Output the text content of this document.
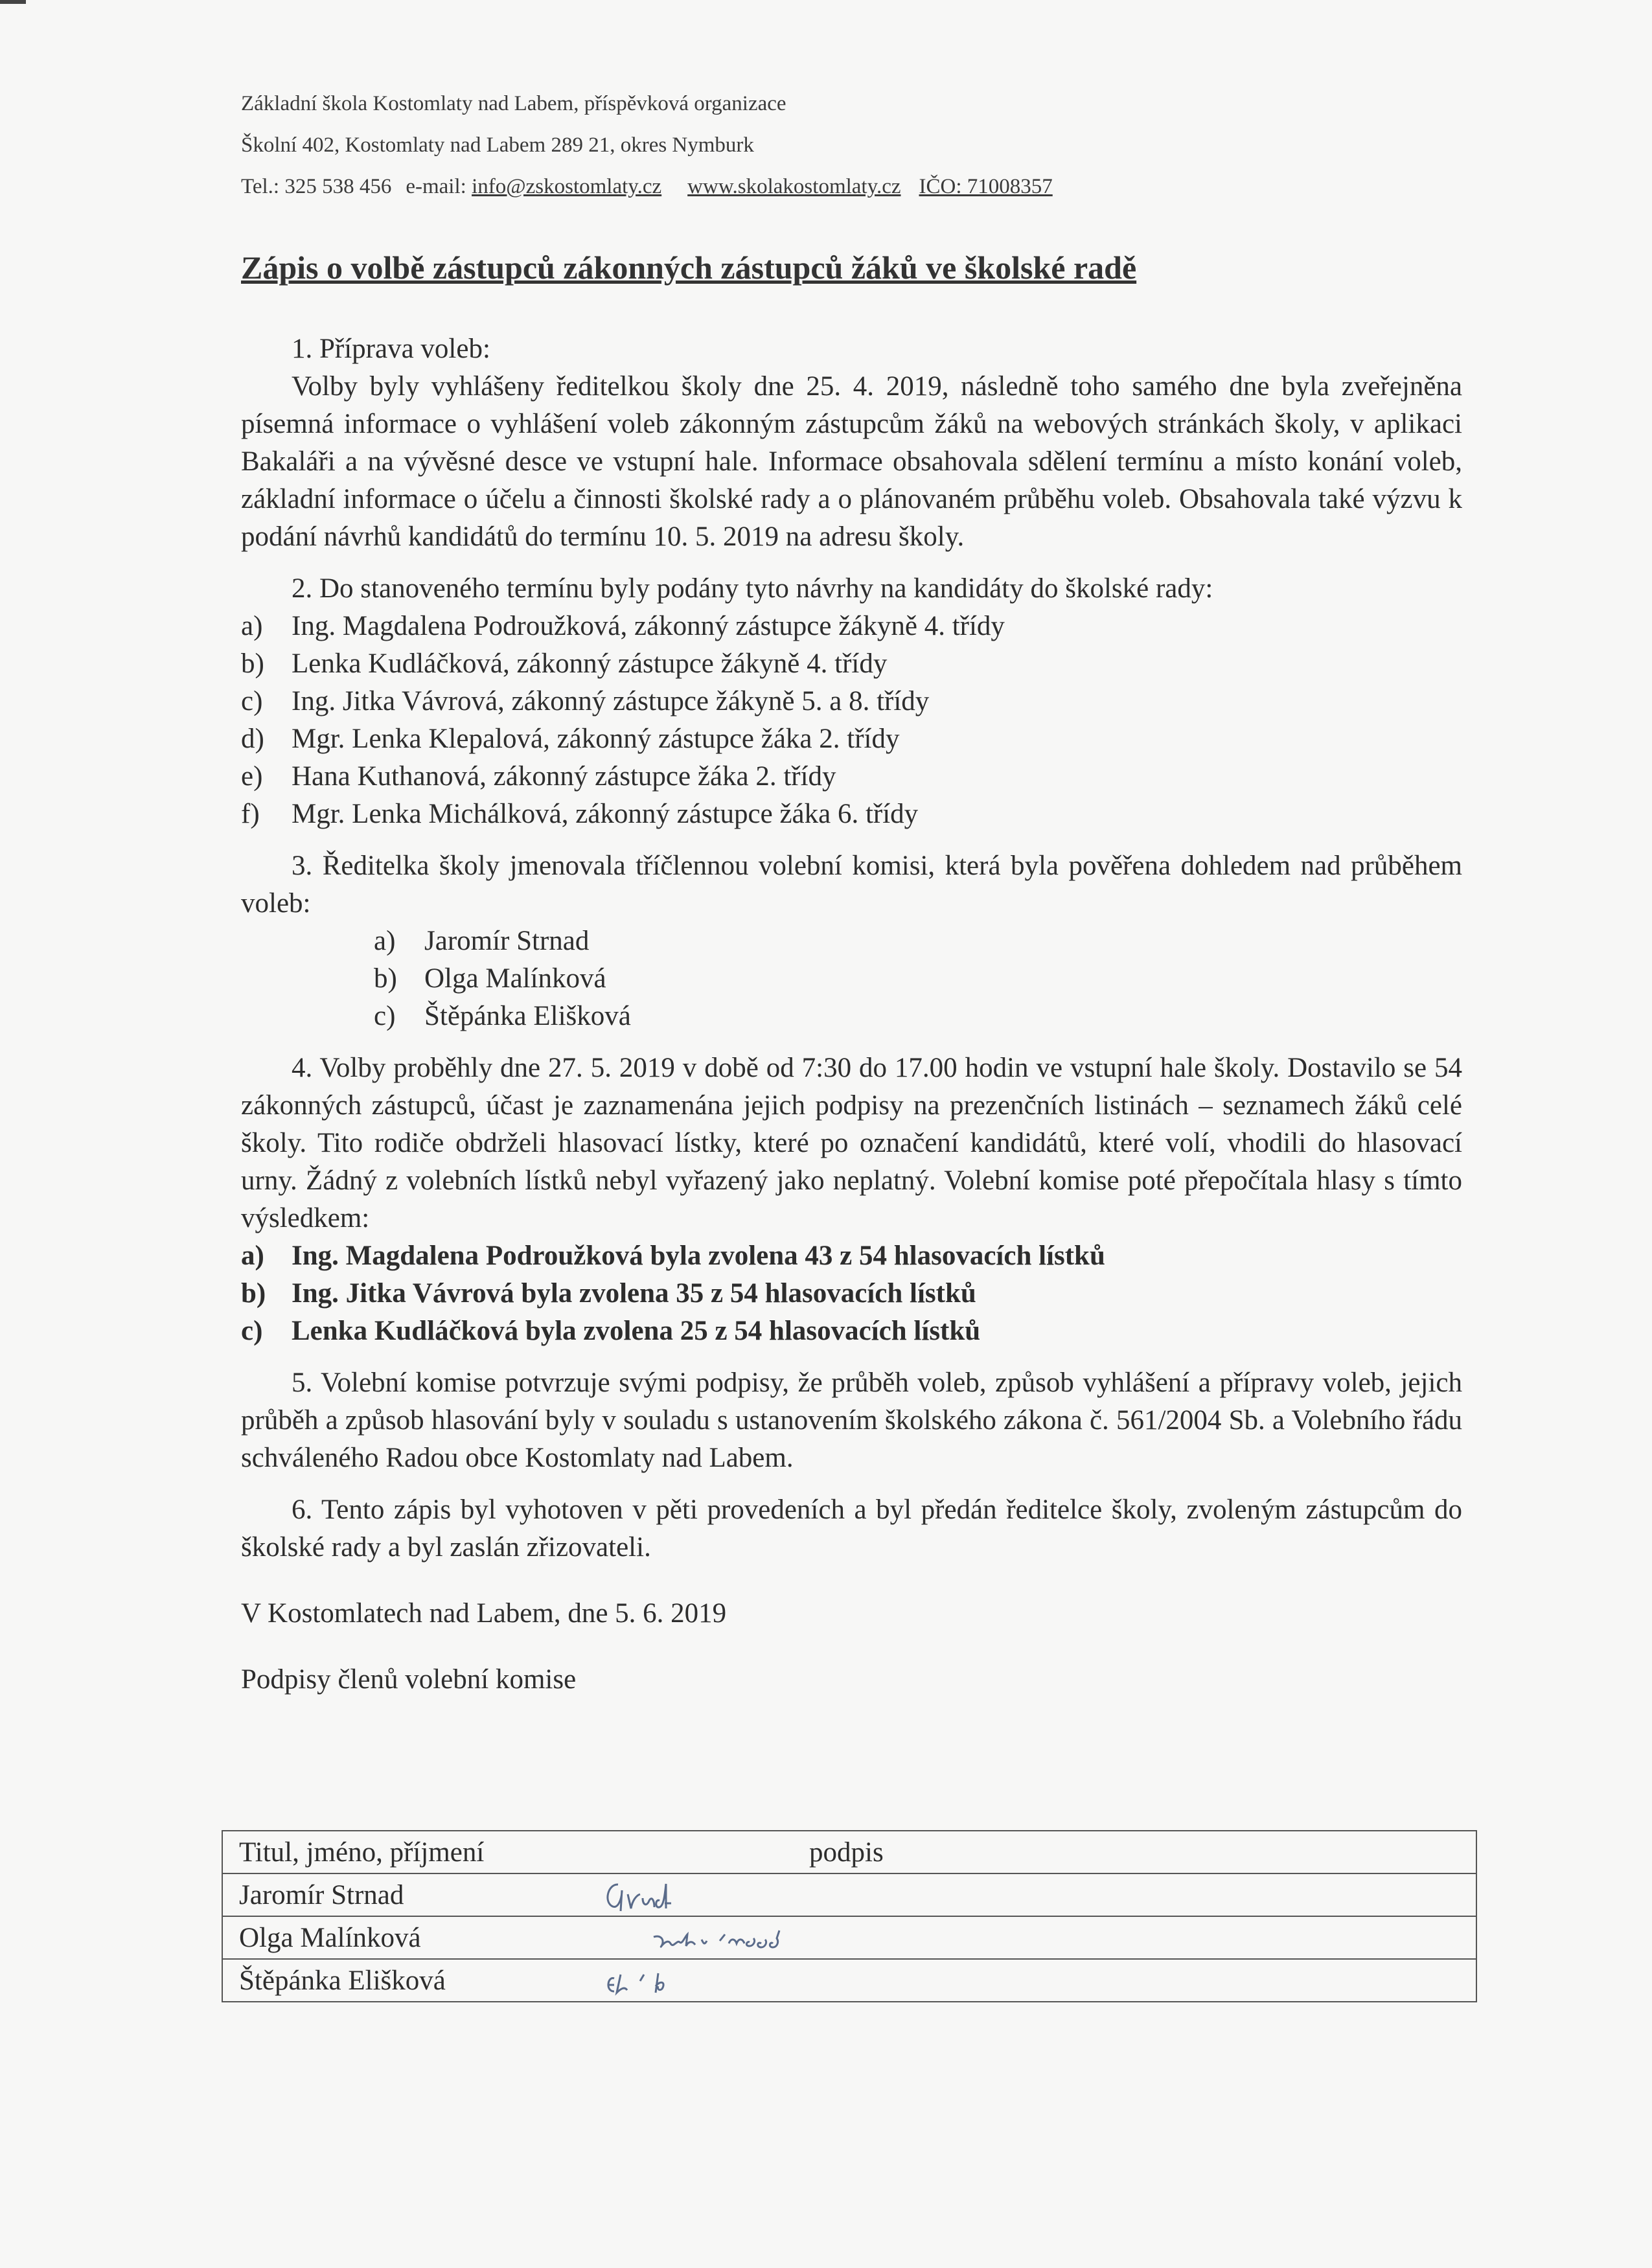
Základní škola Kostomlaty nad Labem, příspěvková organizace
Školní 402, Kostomlaty nad Labem 289 21, okres Nymburk
Tel.: 325 538 456 e-mail: info@zskostomlaty.cz www.skolakostomlaty.cz IČO: 71008357
Zápis o volbě zástupců zákonných zástupců žáků ve školské radě

1. Příprava voleb:

Volby byly vyhlášeny ředitelkou školy dne 25. 4. 2019, následně toho samého dne byla zveřejněna písemná informace o vyhlášení voleb zákonným zástupcům žáků na webových stránkách školy, v aplikaci Bakaláři a na vývěsné desce ve vstupní hale. Informace obsahovala sdělení termínu a místo konání voleb, základní informace o účelu a činnosti školské rady a o plánovaném průběhu voleb. Obsahovala také výzvu k podání návrhů kandidátů do termínu 10. 5. 2019 na adresu školy.

2. Do stanoveného termínu byly podány tyto návrhy na kandidáty do školské rady:

a)	Ing. Magdalena Podroužková, zákonný zástupce žákyně 4. třídy
b) Lenka Kudláčková, zákonný zástupce žákyně 4. třídy
c)	Ing. Jitka Vávrová, zákonný zástupce žákyně 5. a 8. třídy
d) Mgr. Lenka Klepalová, zákonný zástupce žáka 2. třídy
e)	Hana Kuthanová, zákonný zástupce žáka 2. třídy
f)	Mgr. Lenka Michálková, zákonný zástupce žáka 6. třídy

3. Ředitelka školy jmenovala tříčlennou volební komisi, která byla pověřena dohledem nad průběhem voleb:

a)	Jaromír Strnad
b) Olga Malínková
c)	Štěpánka Elišková

4. Volby proběhly dne 27. 5. 2019 v době od 7:30 do 17.00 hodin ve vstupní hale školy. Dostavilo se 54 zákonných zástupců, účast je zaznamenána jejich podpisy na prezenčních listinách – seznamech žáků celé školy. Tito rodiče obdrželi hlasovací lístky, které po označení kandidátů, které volí, vhodili do hlasovací urny. Žádný z volebních lístků nebyl vyřazený jako neplatný. Volební komise poté přepočítala hlasy s tímto výsledkem:

a) Ing. Magdalena Podroužková byla zvolena 43 z 54 hlasovacích lístků
b) Ing. Jitka Vávrová byla zvolena 35 z 54 hlasovacích lístků
c)	Lenka Kudláčková byla zvolena 25 z 54 hlasovacích lístků

5. Volební komise potvrzuje svými podpisy, že průběh voleb, způsob vyhlášení a přípravy voleb, jejich průběh a způsob hlasování byly v souladu s ustanovením školského zákona č. 561/2004 Sb. a Volebního řádu schváleného Radou obce Kostomlaty nad Labem.

6. Tento zápis byl vyhotoven v pěti provedeních a byl předán ředitelce školy, zvoleným zástupcům do školské rady a byl zaslán zřizovateli.

V Kostomlatech nad Labem, dne 5. 6. 2019

Podpisy členů volební komise

Titul, jméno, příjmení	podpis
Jaromír Strnad	

Olga Malínková	

Štěpánka Elišková	
